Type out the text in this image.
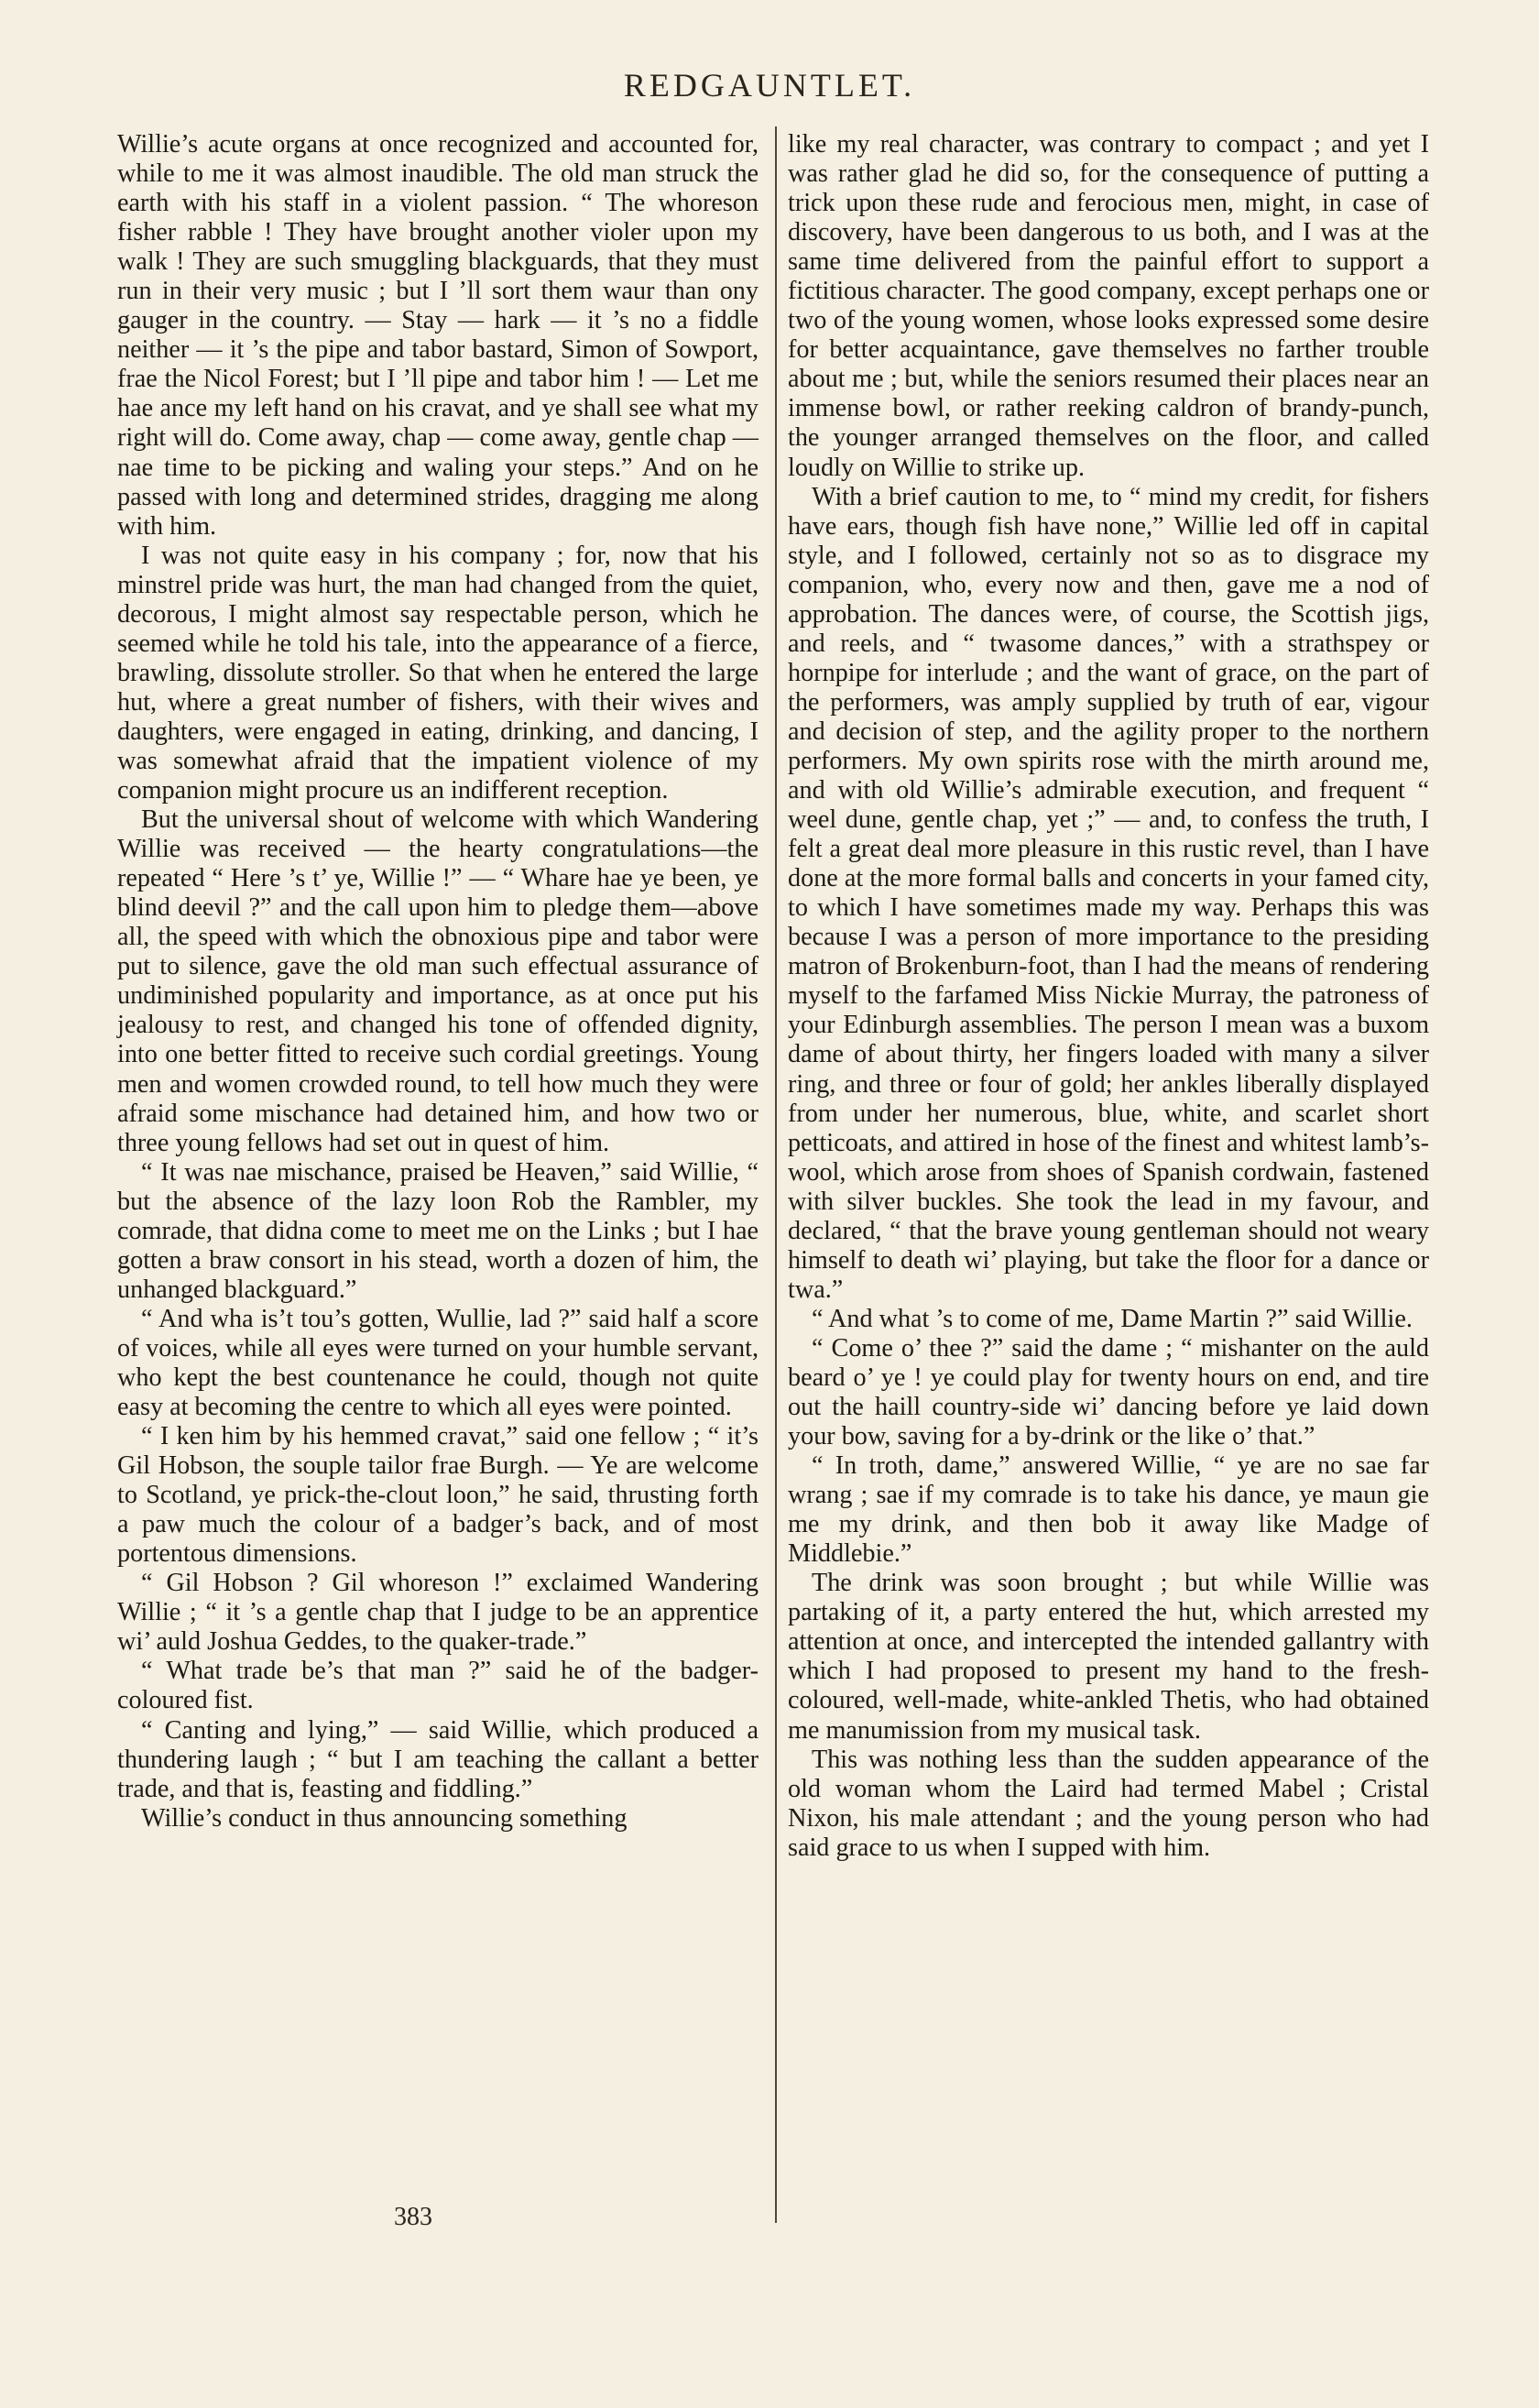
REDGAUNTLET.

Willie’s acute organs at once recognized and accounted for, while to me it was almost inaudible. The old man struck the earth with his staff in a violent passion. “ The whoreson fisher rabble ! They have brought another violer upon my walk ! They are such smuggling blackguards, that they must run in their very music ; but I ’ll sort them waur than ony gauger in the country. — Stay — hark — it ’s no a fiddle neither — it ’s the pipe and tabor bastard, Simon of Sowport, frae the Nicol Forest; but I ’ll pipe and tabor him ! — Let me hae ance my left hand on his cravat, and ye shall see what my right will do. Come away, chap — come away, gentle chap — nae time to be picking and waling your steps.” And on he passed with long and determined strides, dragging me along with him.

I was not quite easy in his company ; for, now that his minstrel pride was hurt, the man had changed from the quiet, decorous, I might almost say respectable person, which he seemed while he told his tale, into the appearance of a fierce, brawling, dissolute stroller. So that when he entered the large hut, where a great number of fishers, with their wives and daughters, were engaged in eating, drinking, and dancing, I was somewhat afraid that the impatient violence of my companion might procure us an indifferent reception.

But the universal shout of welcome with which Wandering Willie was received — the hearty congratulations—the repeated “ Here ’s t’ ye, Willie !” — “ Whare hae ye been, ye blind deevil ?” and the call upon him to pledge them—above all, the speed with which the obnoxious pipe and tabor were put to silence, gave the old man such effectual assurance of undiminished popularity and importance, as at once put his jealousy to rest, and changed his tone of offended dignity, into one better fitted to receive such cordial greetings. Young men and women crowded round, to tell how much they were afraid some mischance had detained him, and how two or three young fellows had set out in quest of him.

“ It was nae mischance, praised be Heaven,” said Willie, “ but the absence of the lazy loon Rob the Rambler, my comrade, that didna come to meet me on the Links ; but I hae gotten a braw consort in his stead, worth a dozen of him, the unhanged blackguard.”

“ And wha is’t tou’s gotten, Wullie, lad ?” said half a score of voices, while all eyes were turned on your humble servant, who kept the best countenance he could, though not quite easy at becoming the centre to which all eyes were pointed.

“ I ken him by his hemmed cravat,” said one fellow ; “ it’s Gil Hobson, the souple tailor frae Burgh. — Ye are welcome to Scotland, ye prick-the-clout loon,” he said, thrusting forth a paw much the colour of a badger’s back, and of most portentous dimensions.

“ Gil Hobson ? Gil whoreson !” exclaimed Wandering Willie ; “ it ’s a gentle chap that I judge to be an apprentice wi’ auld Joshua Geddes, to the quaker-trade.”

“ What trade be’s that man ?” said he of the badger-coloured fist.

“ Canting and lying,” — said Willie, which produced a thundering laugh ; “ but I am teaching the callant a better trade, and that is, feasting and fiddling.”

Willie’s conduct in thus announcing something

like my real character, was contrary to compact ; and yet I was rather glad he did so, for the consequence of putting a trick upon these rude and ferocious men, might, in case of discovery, have been dangerous to us both, and I was at the same time delivered from the painful effort to support a fictitious character. The good company, except perhaps one or two of the young women, whose looks expressed some desire for better acquaintance, gave themselves no farther trouble about me ; but, while the seniors resumed their places near an immense bowl, or rather reeking caldron of brandy-punch, the younger arranged themselves on the floor, and called loudly on Willie to strike up.

With a brief caution to me, to “ mind my credit, for fishers have ears, though fish have none,” Willie led off in capital style, and I followed, certainly not so as to disgrace my companion, who, every now and then, gave me a nod of approbation. The dances were, of course, the Scottish jigs, and reels, and “ twasome dances,” with a strathspey or hornpipe for interlude ; and the want of grace, on the part of the performers, was amply supplied by truth of ear, vigour and decision of step, and the agility proper to the northern performers. My own spirits rose with the mirth around me, and with old Willie’s admirable execution, and frequent “ weel dune, gentle chap, yet ;” — and, to confess the truth, I felt a great deal more pleasure in this rustic revel, than I have done at the more formal balls and concerts in your famed city, to which I have sometimes made my way. Perhaps this was because I was a person of more importance to the presiding matron of Brokenburn-foot, than I had the means of rendering myself to the farfamed Miss Nickie Murray, the patroness of your Edinburgh assemblies. The person I mean was a buxom dame of about thirty, her fingers loaded with many a silver ring, and three or four of gold; her ankles liberally displayed from under her numerous, blue, white, and scarlet short petticoats, and attired in hose of the finest and whitest lamb’s-wool, which arose from shoes of Spanish cordwain, fastened with silver buckles. She took the lead in my favour, and declared, “ that the brave young gentleman should not weary himself to death wi’ playing, but take the floor for a dance or twa.”

“ And what ’s to come of me, Dame Martin ?” said Willie.

“ Come o’ thee ?” said the dame ; “ mishanter on the auld beard o’ ye ! ye could play for twenty hours on end, and tire out the haill country-side wi’ dancing before ye laid down your bow, saving for a by-drink or the like o’ that.”

“ In troth, dame,” answered Willie, “ ye are no sae far wrang ; sae if my comrade is to take his dance, ye maun gie me my drink, and then bob it away like Madge of Middlebie.”

The drink was soon brought ; but while Willie was partaking of it, a party entered the hut, which arrested my attention at once, and intercepted the intended gallantry with which I had proposed to present my hand to the fresh-coloured, well-made, white-ankled Thetis, who had obtained me manumission from my musical task.

This was nothing less than the sudden appearance of the old woman whom the Laird had termed Mabel ; Cristal Nixon, his male attendant ; and the young person who had said grace to us when I supped with him.

383
